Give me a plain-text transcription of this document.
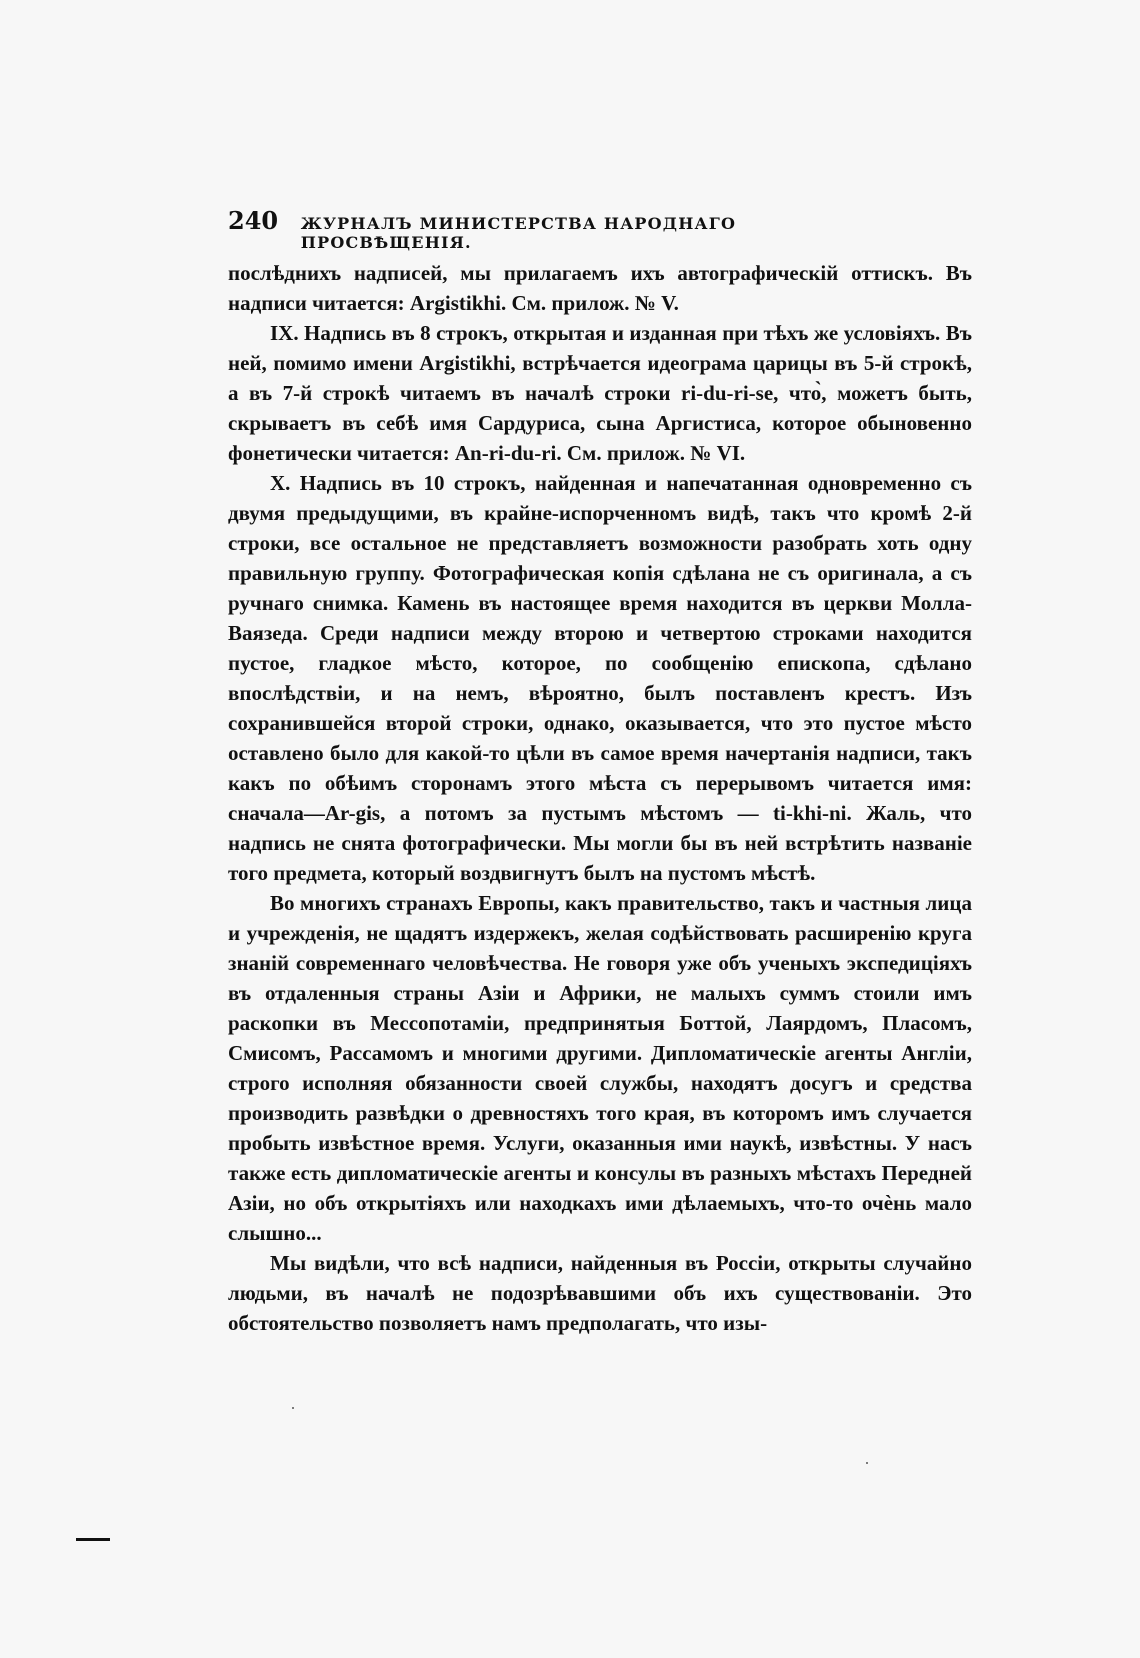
240	ЖУРНАЛЪ МИНИСТЕРСТВА НАРОДНАГО ПРОСВѢЩЕНІЯ.

послѣднихъ надписей, мы прилагаемъ ихъ автографическій оттискъ. Въ надписи читается: Argistikhi. См. прилож. № V.

IX. Надпись въ 8 строкъ, открытая и изданная при тѣхъ же условіяхъ. Въ ней, помимо имени Argistikhi, встрѣчается идеограма царицы въ 5-й строкѣ, а въ 7-й строкѣ читаемъ въ началѣ строки ri-du-ri-se, что̀, можетъ быть, скрываетъ въ себѣ имя Сардуриса, сына Аргистиса, которое обыновенно фонетически читается: An-ri-du-ri. См. прилож. № VI.

X. Надпись въ 10 строкъ, найденная и напечатанная одновременно съ двумя предыдущими, въ крайне-испорченномъ видѣ, такъ что кромѣ 2-й строки, все остальное не представляетъ возможности разобрать хоть одну правильную группу. Фотографическая копія сдѣлана не съ оригинала, а съ ручнаго снимка. Камень въ настоящее время находится въ церкви Молла-Ваязеда. Среди надписи между второю и четвертою строками находится пустое, гладкое мѣсто, которое, по сообщенію епископа, сдѣлано впослѣдствіи, и на немъ, вѣроятно, былъ поставленъ крестъ. Изъ сохранившейся второй строки, однако, оказывается, что это пустое мѣсто оставлено было для какой-то цѣли въ самое время начертанія надписи, такъ какъ по обѣимъ сторонамъ этого мѣста съ перерывомъ читается имя: сначала—Ar-gis, а потомъ за пустымъ мѣстомъ — ti-khi-ni. Жаль, что надпись не снята фотографически. Мы могли бы въ ней встрѣтить названіе того предмета, который воздвигнутъ былъ на пустомъ мѣстѣ.

Во многихъ странахъ Европы, какъ правительство, такъ и частныя лица и учрежденія, не щадятъ издержекъ, желая содѣйствовать расширенію круга знаній современнаго человѣчества. Не говоря уже объ ученыхъ экспедиціяхъ въ отдаленныя страны Азіи и Африки, не малыхъ суммъ стоили имъ раскопки въ Мессопотаміи, предпринятыя Боттой, Лаярдомъ, Пласомъ, Смисомъ, Рассамомъ и многими другими. Дипломатическіе агенты Англіи, строго исполняя обязанности своей службы, находятъ досугъ и средства производить развѣдки о древностяхъ того края, въ которомъ имъ случается пробыть извѣстное время. Услуги, оказанныя ими наукѣ, извѣстны. У насъ также есть дипломатическіе агенты и консулы въ разныхъ мѣстахъ Передней Азіи, но объ открытіяхъ или находкахъ ими дѣлаемыхъ, что-то очѐнь мало слышно...

Мы видѣли, что всѣ надписи, найденныя въ Россіи, открыты случайно людьми, въ началѣ не подозрѣвавшими объ ихъ существованіи. Это обстоятельство позволяетъ намъ предполагать, что изы-
